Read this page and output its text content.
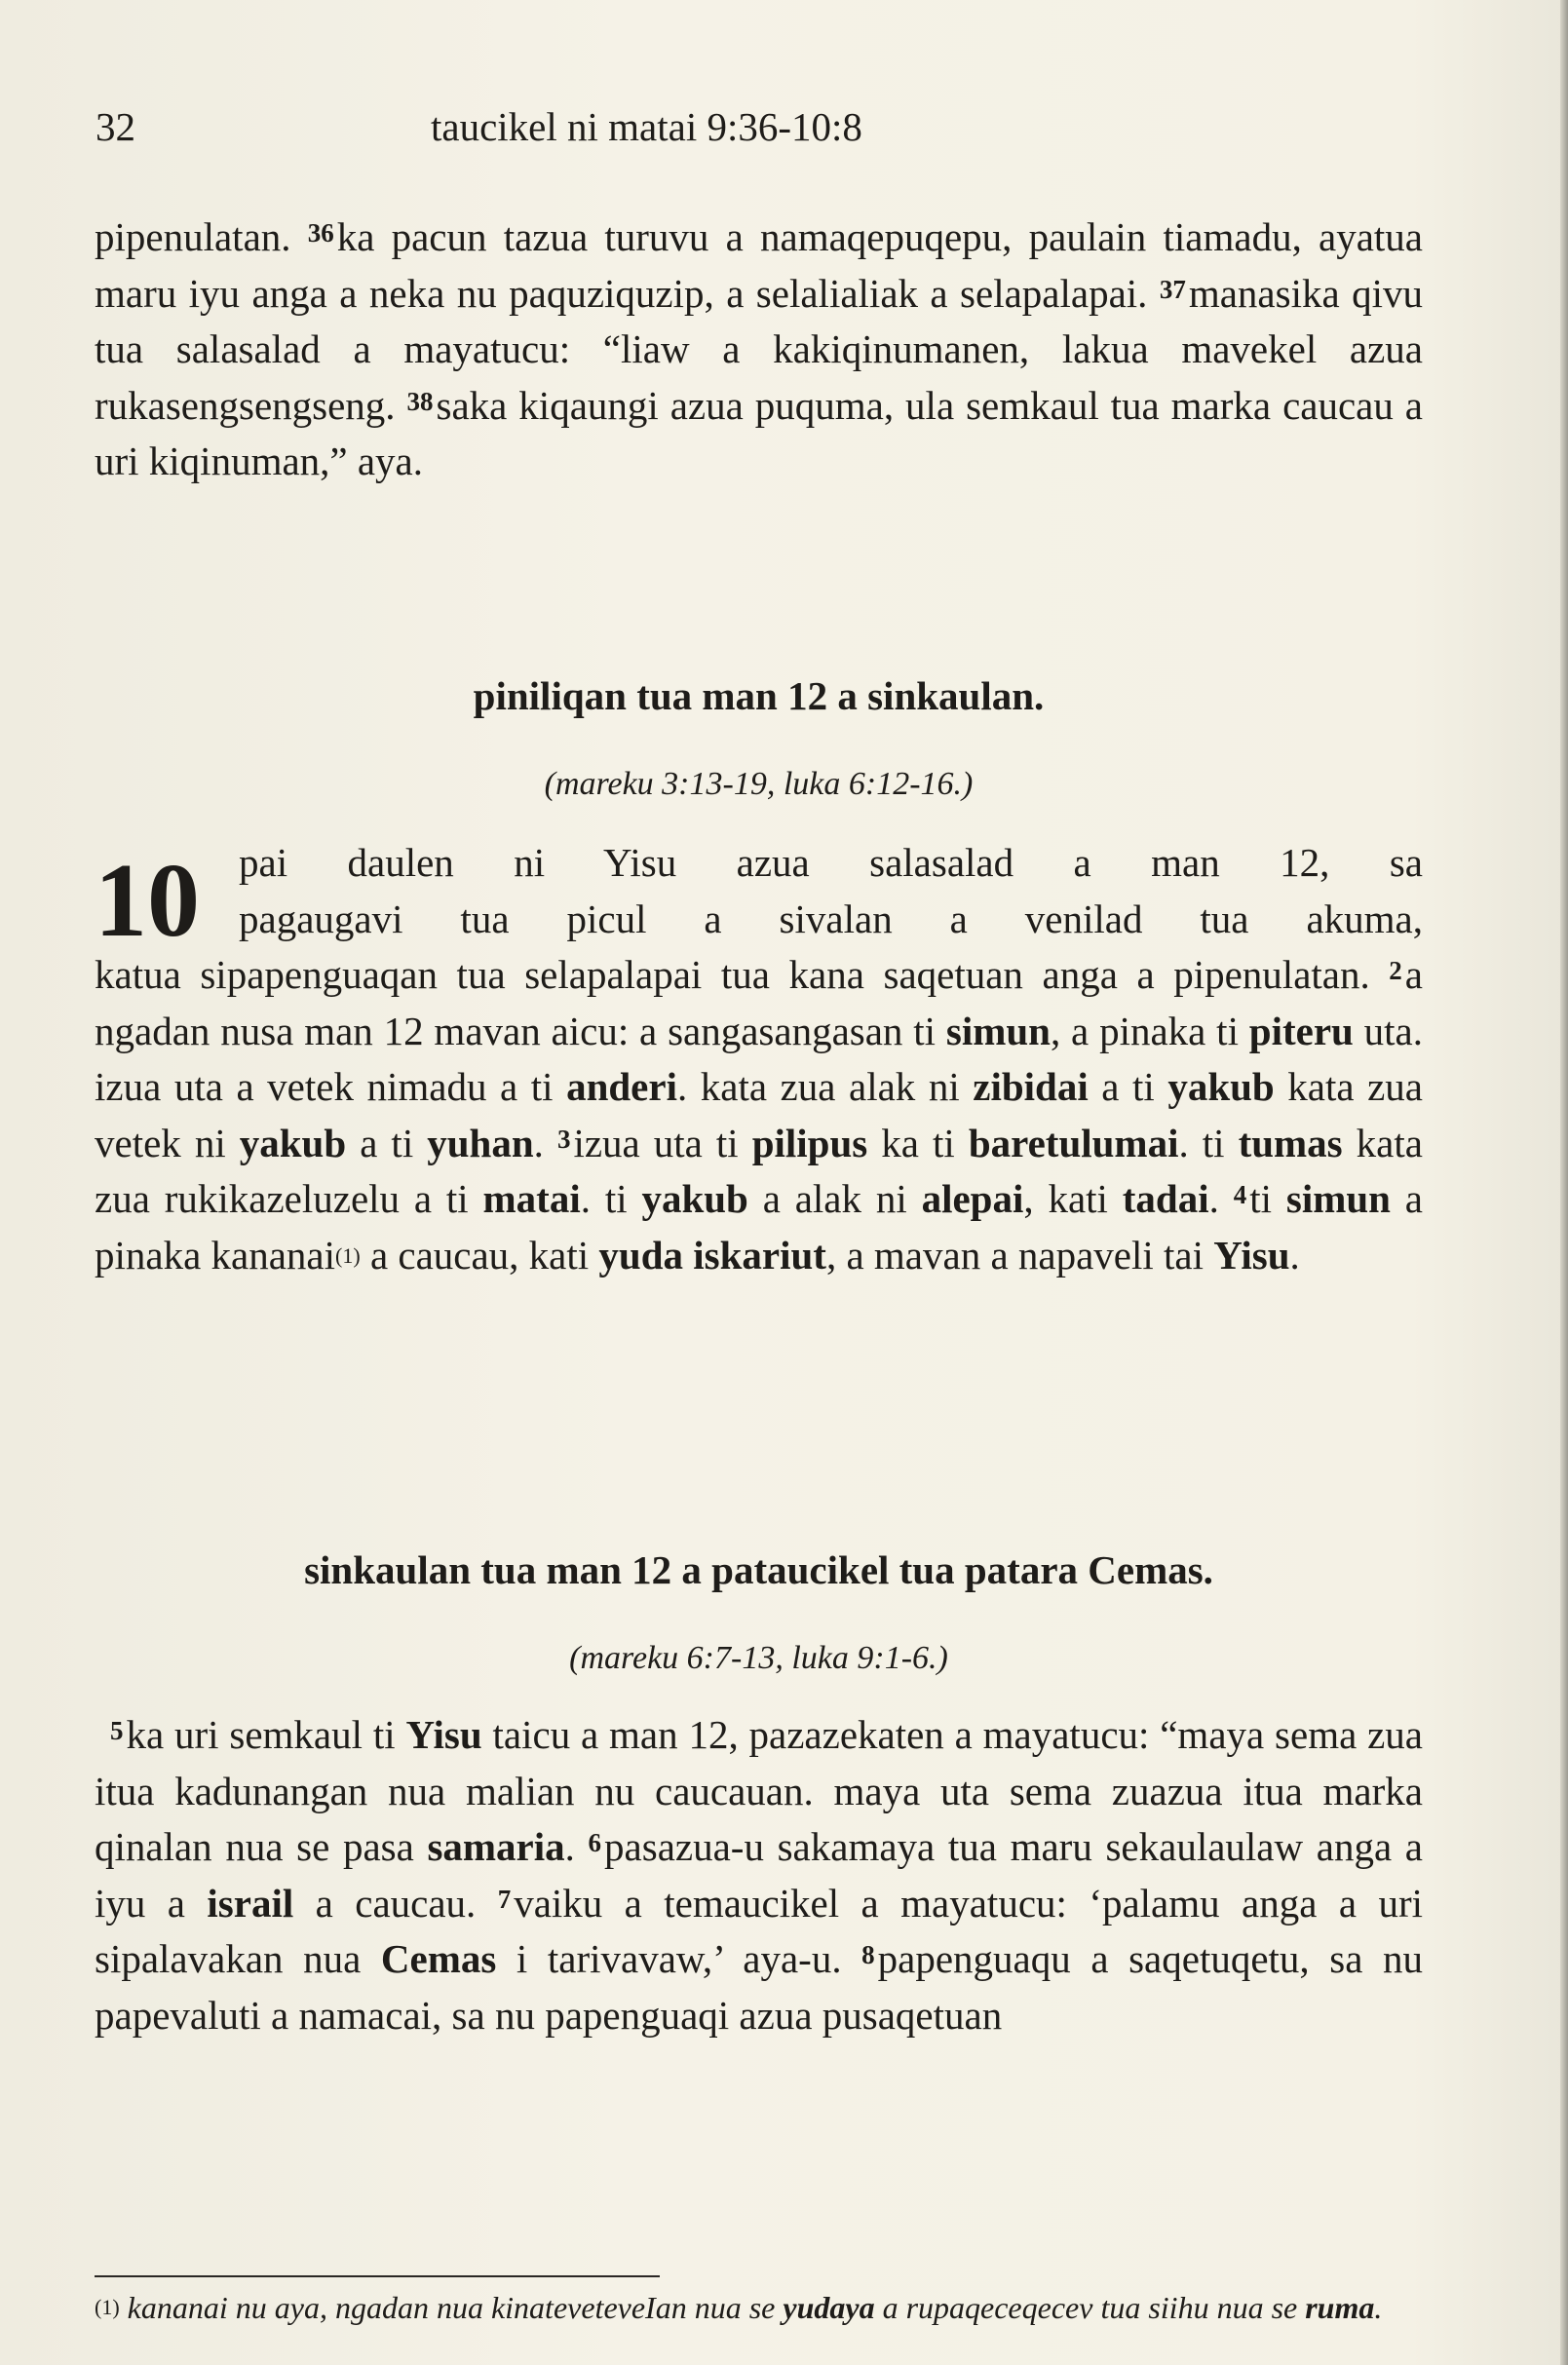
32	taucikel ni matai 9:36-10:8
pipenulatan. $^{36}$ka pacun tazua turuvu a namaqepuqepu, paulain tiamadu, ayatua maru iyu anga a neka nu paquziquzip, a selalialiak a selapalapai. $^{37}$manasika qivu tua salasalad a mayatucu: “liaw a kakiqinumanen, lakua mavekel azua rukasengsengseng. $^{38}$saka kiqaungi azua puquma, ula semkaul tua marka caucau a uri kiqinuman,” aya.
piniliqan tua man 12 a sinkaulan.
(mareku 3:13-19, luka 6:12-16.)
10 pai daulen ni Yisu azua salasalad a man 12, sa
pagaugavi tua picul a sivalan a venilad tua akuma,
katua sipapenguaqan tua selapalapai tua kana saqetuan anga a pipenulatan. $^2$a ngadan nusa man 12 mavan aicu: a sangasangasan ti simun, a pinaka ti piteru uta. izua uta a vetek nimadu a ti anderi. kata zua alak ni zibidai a ti yakub kata zua vetek ni yakub a ti yuhan. $^3$izua uta ti pilipus ka ti baretulumai. ti tumas kata zua rukikazeluzelu a ti matai. ti yakub a alak ni alepai, kati tadai. $^4$ti simun a pinaka kananai$^{(1)}$ a caucau, kati yuda iskariut, a mavan a napaveli tai Yisu.
sinkaulan tua man 12 a pataucikel tua patara Cemas.
(mareku 6:7-13, luka 9:1-6.)
$^5$ka uri semkaul ti Yisu taicu a man 12, pazazekaten a mayatucu: “maya sema zua itua kadunangan nua malian nu caucauan. maya uta sema zuazua itua marka qinalan nua se pasa samaria. $^6$pasazua-u sakamaya tua maru sekaulaulaw anga a iyu a israil a caucau. $^7$vaiku a temaucikel a mayatucu: ‘palamu anga a uri sipalavakan nua Cemas i tarivavaw,’ aya-u. $^8$papenguaqu a saqetuqetu, sa nu papevaluti a namacai, sa nu papenguaqi azua pusaqetuan
$^{(1)}$ kananai nu aya, ngadan nua kinateveteveIan nua se yudaya a rupaqeceqecev tua siihu nua se ruma.
